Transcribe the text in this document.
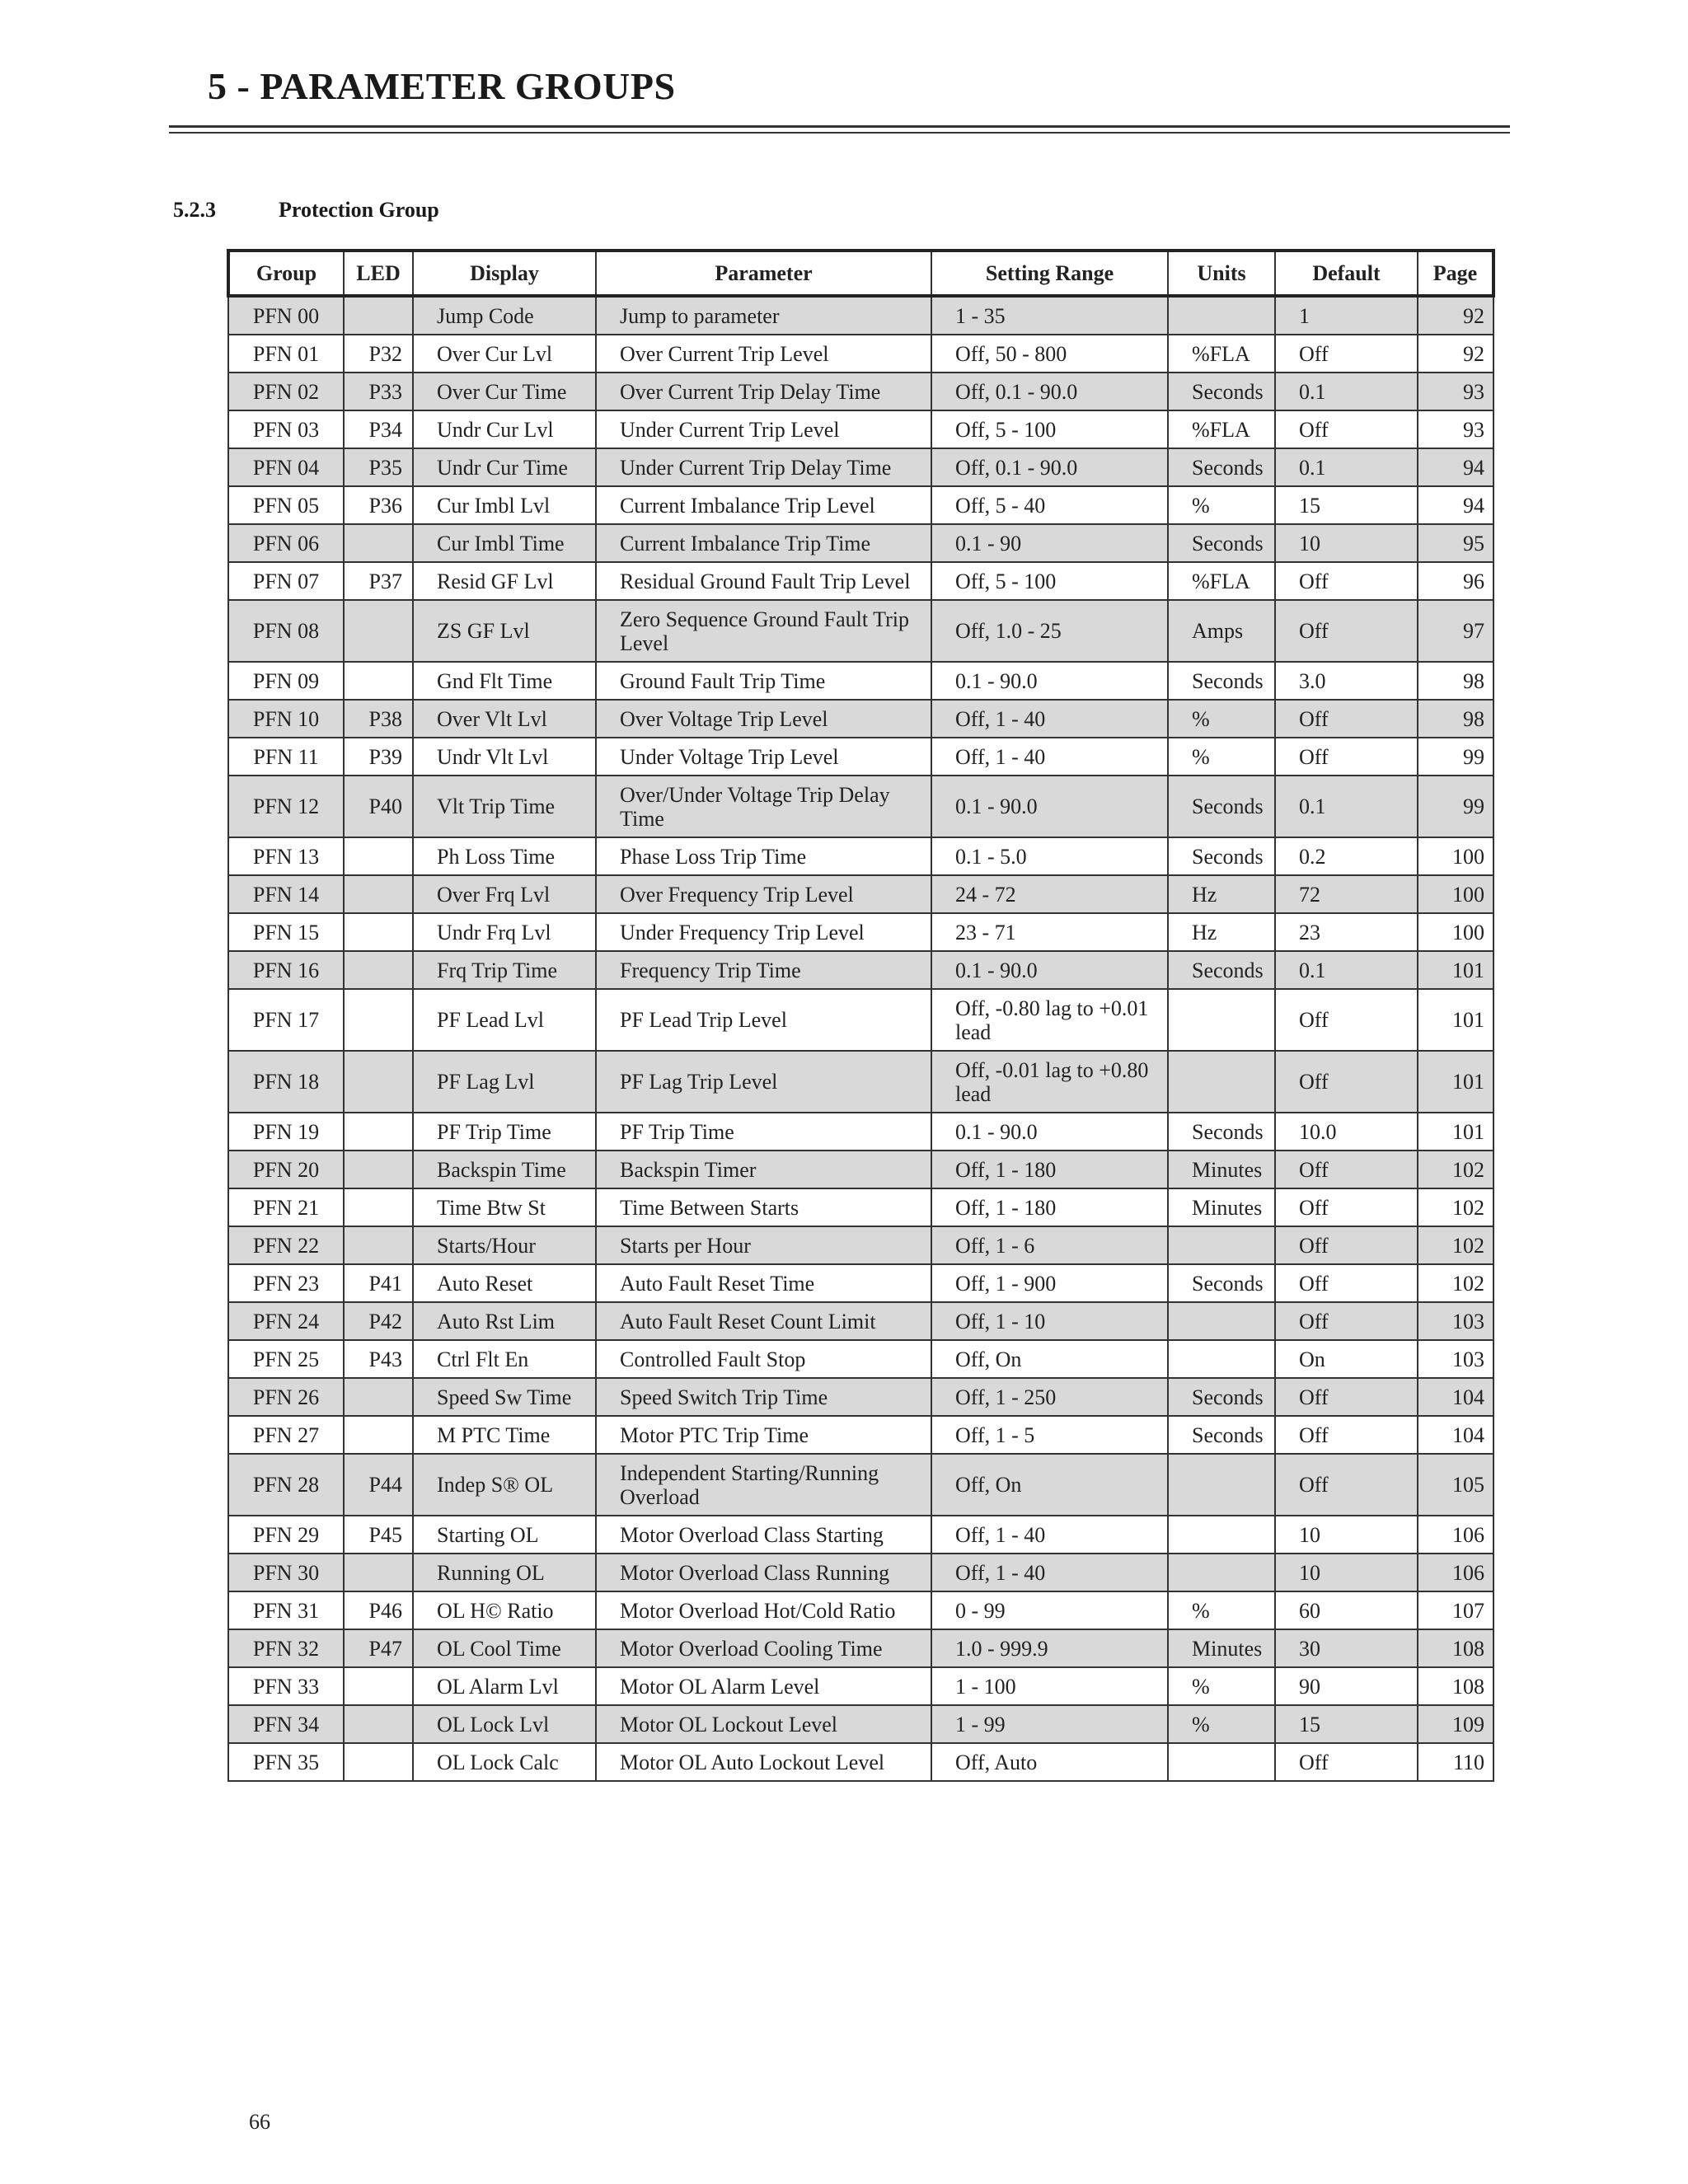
5 - PARAMETER GROUPS
5.2.3	Protection Group
Group	LED	Display	Parameter	Setting Range	Units	Default	Page
PFN 00		Jump Code	Jump to parameter	1 - 35		1	92
PFN 01	P32	Over Cur Lvl	Over Current Trip Level	Off, 50 - 800	%FLA	Off	92
PFN 02	P33	Over Cur Time	Over Current Trip Delay Time	Off, 0.1 - 90.0	Seconds	0.1	93
PFN 03	P34	Undr Cur Lvl	Under Current Trip Level	Off, 5 - 100	%FLA	Off	93
PFN 04	P35	Undr Cur Time	Under Current Trip Delay Time	Off, 0.1 - 90.0	Seconds	0.1	94
PFN 05	P36	Cur Imbl Lvl	Current Imbalance Trip Level	Off, 5 - 40	%	15	94
PFN 06		Cur Imbl Time	Current Imbalance Trip Time	0.1 - 90	Seconds	10	95
PFN 07	P37	Resid GF Lvl	Residual Ground Fault Trip Level	Off, 5 - 100	%FLA	Off	96
PFN 08		ZS GF Lvl	Zero Sequence Ground Fault Trip Level	Off, 1.0 - 25	Amps	Off	97
PFN 09		Gnd Flt Time	Ground Fault Trip Time	0.1 - 90.0	Seconds	3.0	98
PFN 10	P38	Over Vlt Lvl	Over Voltage Trip Level	Off, 1 - 40	%	Off	98
PFN 11	P39	Undr Vlt Lvl	Under Voltage Trip Level	Off, 1 - 40	%	Off	99
PFN 12	P40	Vlt Trip Time	Over/Under Voltage Trip Delay Time	0.1 - 90.0	Seconds	0.1	99
PFN 13		Ph Loss Time	Phase Loss Trip Time	0.1 - 5.0	Seconds	0.2	100
PFN 14		Over Frq Lvl	Over Frequency Trip Level	24 - 72	Hz	72	100
PFN 15		Undr Frq Lvl	Under Frequency Trip Level	23 - 71	Hz	23	100
PFN 16		Frq Trip Time	Frequency Trip Time	0.1 - 90.0	Seconds	0.1	101
PFN 17		PF Lead Lvl	PF Lead Trip Level	Off, -0.80 lag to +0.01 lead		Off	101
PFN 18		PF Lag Lvl	PF Lag Trip Level	Off, -0.01 lag to +0.80 lead		Off	101
PFN 19		PF Trip Time	PF Trip Time	0.1 - 90.0	Seconds	10.0	101
PFN 20		Backspin Time	Backspin Timer	Off, 1 - 180	Minutes	Off	102
PFN 21		Time Btw St	Time Between Starts	Off, 1 - 180	Minutes	Off	102
PFN 22		Starts/Hour	Starts per Hour	Off, 1 - 6		Off	102
PFN 23	P41	Auto Reset	Auto Fault Reset Time	Off, 1 - 900	Seconds	Off	102
PFN 24	P42	Auto Rst Lim	Auto Fault Reset Count Limit	Off, 1 - 10		Off	103
PFN 25	P43	Ctrl Flt En	Controlled Fault Stop	Off, On		On	103
PFN 26		Speed Sw Time	Speed Switch Trip Time	Off, 1 - 250	Seconds	Off	104
PFN 27		M PTC Time	Motor PTC Trip Time	Off, 1 - 5	Seconds	Off	104
PFN 28	P44	Indep S® OL	Independent Starting/Running Overload	Off, On		Off	105
PFN 29	P45	Starting OL	Motor Overload Class Starting	Off, 1 - 40		10	106
PFN 30		Running OL	Motor Overload Class Running	Off, 1 - 40		10	106
PFN 31	P46	OL H© Ratio	Motor Overload Hot/Cold Ratio	0 - 99	%	60	107
PFN 32	P47	OL Cool Time	Motor Overload Cooling Time	1.0 - 999.9	Minutes	30	108
PFN 33		OL Alarm Lvl	Motor OL Alarm Level	1 - 100	%	90	108
PFN 34		OL Lock Lvl	Motor OL Lockout Level	1 - 99	%	15	109
PFN 35		OL Lock Calc	Motor OL Auto Lockout Level	Off, Auto		Off	110
66
